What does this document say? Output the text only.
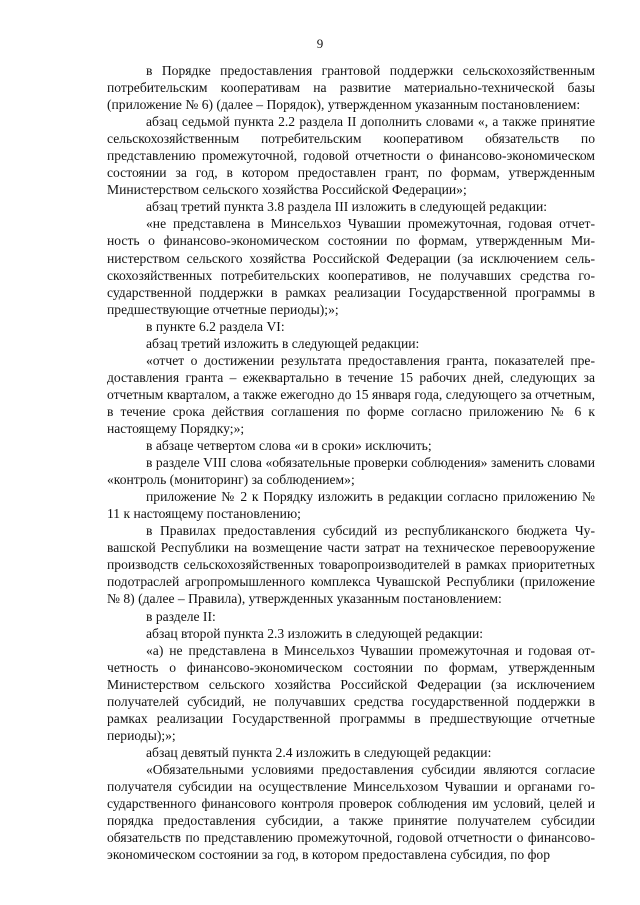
9

в Порядке предоставления грантовой поддержки сельскохозяйственным потребительским кооперативам на развитие материально-технической базы (приложение № 6) (далее – Порядок), утвержденном указанным постановлением:

абзац седьмой пункта 2.2 раздела II дополнить словами «, а также принятие сельскохозяйственным потребительским кооперативом обязательств по представлению промежуточной, годовой отчетности о финансово-экономическом состоянии за год, в котором предоставлен грант, по формам, утвержденным Министерством сельского хозяйства Российской Федерации»;

абзац третий пункта 3.8 раздела III изложить в следующей редакции:

«не представлена в Минсельхоз Чувашии промежуточная, годовая отчетность о финансово-экономическом состоянии по формам, утвержденным Министерством сельского хозяйства Российской Федерации (за исключением сельскохозяйственных потребительских кооперативов, не получавших средства государственной поддержки в рамках реализации Государственной программы в предшествующие отчетные периоды);»;

в пункте 6.2 раздела VI:

абзац третий изложить в следующей редакции:

«отчет о достижении результата предоставления гранта, показателей предоставления гранта – ежеквартально в течение 15 рабочих дней, следующих за отчетным кварталом, а также ежегодно до 15 января года, следующего за отчетным, в течение срока действия соглашения по форме согласно приложению № 6 к настоящему Порядку;»;

в абзаце четвертом слова «и в сроки» исключить;

в разделе VIII слова «обязательные проверки соблюдения» заменить словами «контроль (мониторинг) за соблюдением»;

приложение № 2 к Порядку изложить в редакции согласно приложению № 11 к настоящему постановлению;

в Правилах предоставления субсидий из республиканского бюджета Чувашской Республики на возмещение части затрат на техническое перевооружение производств сельскохозяйственных товаропроизводителей в рамках приоритетных подотраслей агропромышленного комплекса Чувашской Республики (приложение № 8) (далее – Правила), утвержденных указанным постановлением:

в разделе II:

абзац второй пункта 2.3 изложить в следующей редакции:

«а) не представлена в Минсельхоз Чувашии промежуточная и годовая отчетность о финансово-экономическом состоянии по формам, утвержденным Министерством сельского хозяйства Российской Федерации (за исключением получателей субсидий, не получавших средства государственной поддержки в рамках реализации Государственной программы в предшествующие отчетные периоды);»;

абзац девятый пункта 2.4 изложить в следующей редакции:

«Обязательными условиями предоставления субсидии являются согласие получателя субсидии на осуществление Минсельхозом Чувашии и органами государственного финансового контроля проверок соблюдения им условий, целей и порядка предоставления субсидии, а также принятие получателем субсидии обязательств по представлению промежуточной, годовой отчетности о финансово-экономическом состоянии за год, в котором предоставлена субсидия, по фор
